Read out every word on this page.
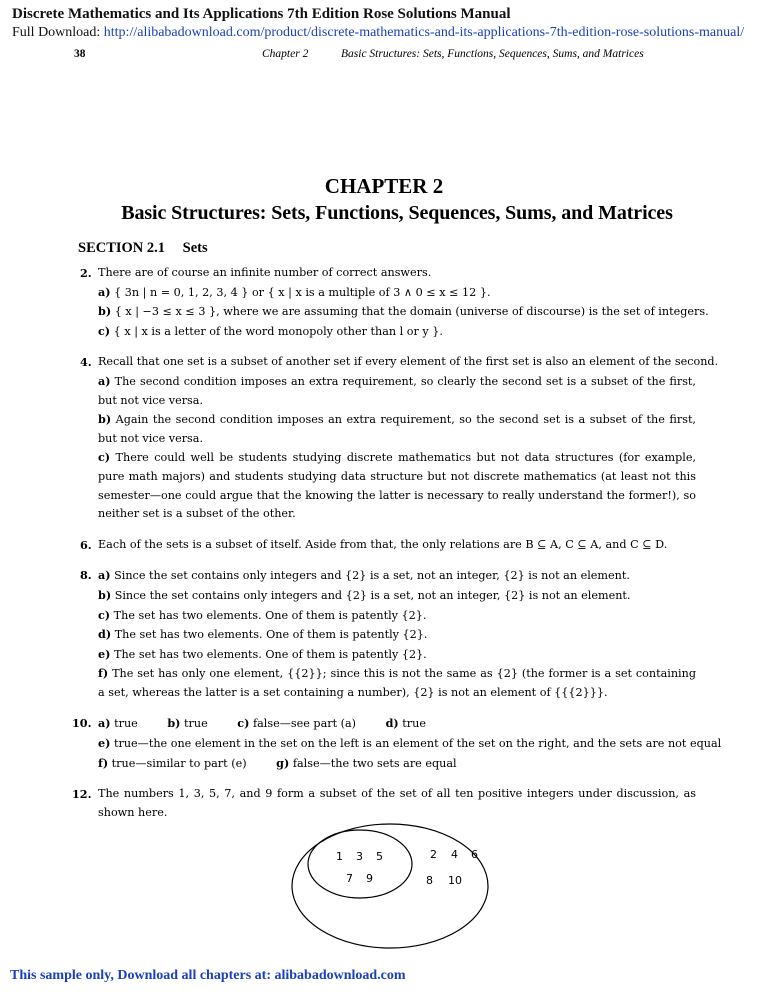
Discrete Mathematics and Its Applications 7th Edition Rose Solutions Manual
Full Download: http://alibabadownload.com/product/discrete-mathematics-and-its-applications-7th-edition-rose-solutions-manual/
38	Chapter 2	Basic Structures: Sets, Functions, Sequences, Sums, and Matrices
CHAPTER 2
Basic Structures: Sets, Functions, Sequences, Sums, and Matrices
SECTION 2.1 Sets
2. There are of course an infinite number of correct answers.
a) { 3n | n = 0, 1, 2, 3, 4 } or { x | x is a multiple of 3 ∧ 0 ≤ x ≤ 12 }.
b) { x | −3 ≤ x ≤ 3 }, where we are assuming that the domain (universe of discourse) is the set of integers.
c) { x | x is a letter of the word monopoly other than l or y }.
4. Recall that one set is a subset of another set if every element of the first set is also an element of the second.
a) The second condition imposes an extra requirement, so clearly the second set is a subset of the first, but not vice versa.
b) Again the second condition imposes an extra requirement, so the second set is a subset of the first, but not vice versa.
c) There could well be students studying discrete mathematics but not data structures (for example, pure math majors) and students studying data structure but not discrete mathematics (at least not this semester—one could argue that the knowing the latter is necessary to really understand the former!), so neither set is a subset of the other.
6. Each of the sets is a subset of itself. Aside from that, the only relations are B ⊆ A, C ⊆ A, and C ⊆ D.
8. a) Since the set contains only integers and {2} is a set, not an integer, {2} is not an element.
b) Since the set contains only integers and {2} is a set, not an integer, {2} is not an element.
c) The set has two elements. One of them is patently {2}.
d) The set has two elements. One of them is patently {2}.
e) The set has two elements. One of them is patently {2}.
f) The set has only one element, {{2}}; since this is not the same as {2} (the former is a set containing a set, whereas the latter is a set containing a number), {2} is not an element of {{{2}}}.
10. a) true	b) true	c) false—see part (a)	d) true
e) true—the one element in the set on the left is an element of the set on the right, and the sets are not equal
f) true—similar to part (e)	g) false—the two sets are equal
12. The numbers 1, 3, 5, 7, and 9 form a subset of the set of all ten positive integers under discussion, as shown here.
1 3 5
7 9
2 4 6
8 10
This sample only, Download all chapters at: alibabadownload.com
